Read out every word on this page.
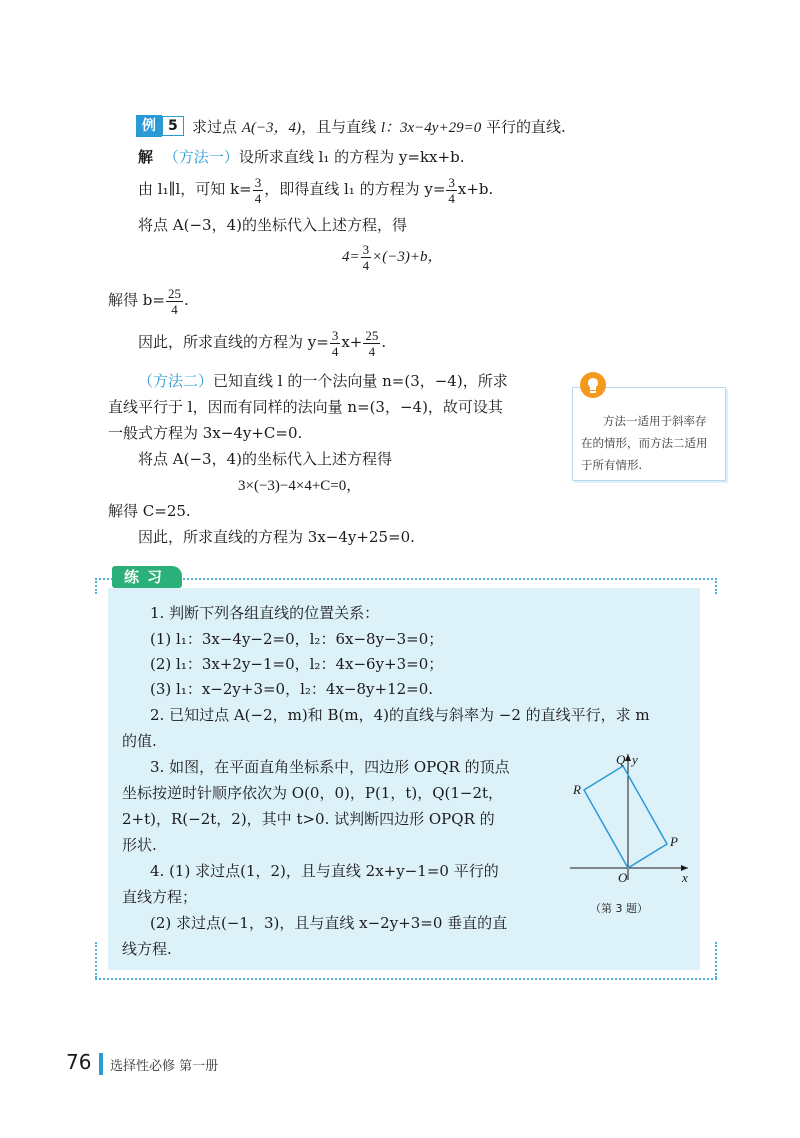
例 5 求过点 A(−3，4)，且与直线 l：3x−4y+29=0 平行的直线.
解 （方法一）设所求直线 l₁ 的方程为 y=kx+b.
由 l₁∥l，可知 $k= \frac{3}{4}$ ，即得直线 l₁ 的方程为 $y= \frac{3}{4} x+b$.
将点 A(−3，4)的坐标代入上述方程，得
$4= \frac{3}{4} \times(-3)+b$，
解得 $b= \frac{25}{4}$ .
因此，所求直线的方程为 $y= \frac{3}{4} x+ \frac{25}{4}$ .
（方法二）已知直线 l 的一个法向量 n=(3，−4)，所求
直线平行于 l，因而有同样的法向量 n=(3，−4)，故可设其
一般式方程为 3x−4y+C=0.
将点 A(−3，4)的坐标代入上述方程得
3×(−3)−4×4+C=0，
解得 C=25.
因此，所求直线的方程为 3x−4y+25=0.
方法一适用于斜率存
在的情形，而方法二适用
于所有情形.
练习
1. 判断下列各组直线的位置关系：
(1) l₁：3x−4y−2=0，l₂：6x−8y−3=0；
(2) l₁：3x+2y−1=0，l₂：4x−6y+3=0；
(3) l₁：x−2y+3=0，l₂：4x−8y+12=0.
2. 已知过点 A(−2，m)和 B(m，4)的直线与斜率为 −2 的直线平行，求 m
的值.
3. 如图，在平面直角坐标系中，四边形 OPQR 的顶点
坐标按逆时针顺序依次为 O(0，0)，P(1，t)，Q(1−2t，
2+t)，R(−2t，2)，其中 t>0. 试判断四边形 OPQR 的
形状.
4. (1) 求过点(1，2)，且与直线 2x+y−1=0 平行的
直线方程；
(2) 求过点(−1，3)，且与直线 x−2y+3=0 垂直的直
线方程.
Q y
R
P
O	x
（第 3 题）
76 选择性必修 第一册
